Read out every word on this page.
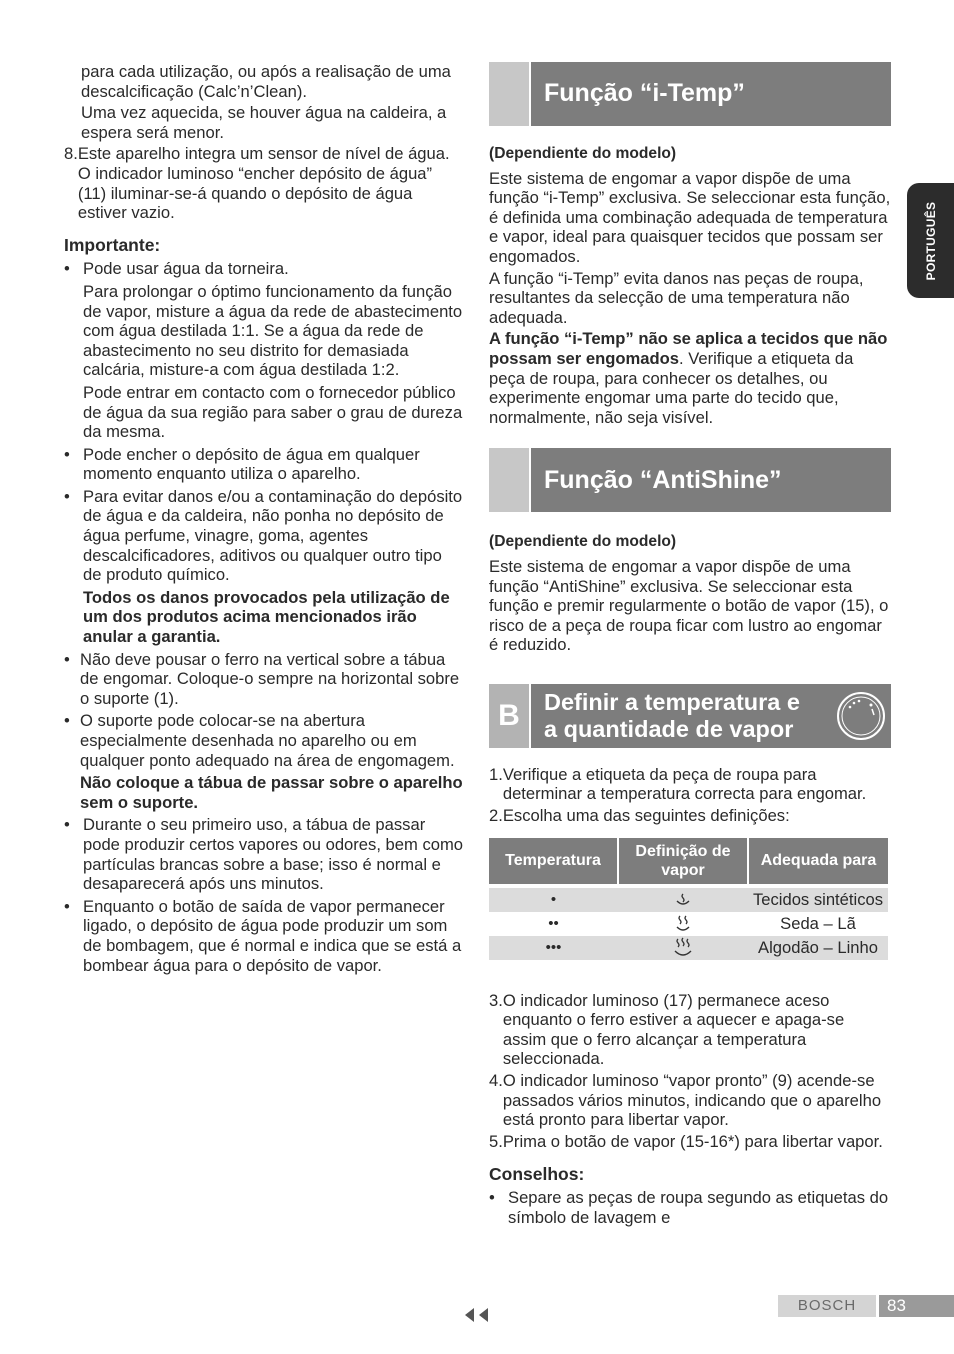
para cada utilização, ou após a realisação de uma descalcificação (Calc’n’Clean).

Uma vez aquecida, se houver água na caldeira, a espera será menor.

8. Este aparelho integra um sensor de nível de água. O indicador luminoso “encher depósito de água” (11) iluminar-se-á quando o depósito de água estiver vazio.
Importante:
• Pode usar água da torneira.

Para prolongar o óptimo funcionamento da função de vapor, misture a água da rede de abastecimento com água destilada 1:1. Se a água da rede de abastecimento no seu distrito for demasiada calcária, misture-a com água destilada 1:2.

Pode entrar em contacto com o fornecedor público de água da sua região para saber o grau de dureza da mesma.

• Pode encher o depósito de água em qualquer momento enquanto utiliza o aparelho.

• Para evitar danos e/ou a contaminação do depósito de água e da caldeira, não ponha no depósito de água perfume, vinagre, goma, agentes descalcificadores, aditivos ou qualquer outro tipo de produto químico.

Todos os danos provocados pela utilização de um dos produtos acima mencionados irão anular a garantia.

• Não deve pousar o ferro na vertical sobre a tábua de engomar. Coloque-o sempre na horizontal sobre o suporte (1).

• O suporte pode colocar-se na abertura especialmente desenhada no aparelho ou em qualquer ponto adequado na área de engomagem.

Não coloque a tábua de passar sobre o aparelho sem o suporte.

• Durante o seu primeiro uso, a tábua de passar pode produzir certos vapores ou odores, bem como partículas brancas sobre a base; isso é normal e desaparecerá após uns minutos.

• Enquanto o botão de saída de vapor permanecer ligado, o depósito de água pode produzir um som de bombagem, que é normal e indica que se está a bombear água para o depósito de vapor.

Função “i-Temp”
(Dependiente do modelo)

Este sistema de engomar a vapor dispõe de uma função “i-Temp” exclusiva. Se seleccionar esta função, é definida uma combinação adequada de temperatura e vapor, ideal para quaisquer tecidos que possam ser engomados.

A função “i-Temp” evita danos nas peças de roupa, resultantes da selecção de uma temperatura não adequada.

A função “i-Temp” não se aplica a tecidos que não possam ser engomados. Verifique a etiqueta da peça de roupa, para conhecer os detalhes, ou experimente engomar uma parte do tecido que, normalmente, não seja visível.

Função “AntiShine”
(Dependiente do modelo)

Este sistema de engomar a vapor dispõe de uma função “AntiShine” exclusiva. Se seleccionar esta função e premir regularmente o botão de vapor (15), o risco de a peça de roupa ficar com lustro ao engomar é reduzido.

B	Definir a temperatura e
a quantidade de vapor
1. Verifique a etiqueta da peça de roupa para determinar a temperatura correcta para engomar.
2. Escolha uma das seguintes definições:
Temperatura	Definição de vapor	Adequada para

•		Tecidos sintéticos
••		Seda – Lã
•••		Algodão – Linho
3. O indicador luminoso (17) permanece aceso enquanto o ferro estiver a aquecer e apaga-se assim que o ferro alcançar a temperatura seleccionada.
4. O indicador luminoso “vapor pronto” (9) acende-se passados vários minutos, indicando que o aparelho está pronto para libertar vapor.
5. Prima o botão de vapor (15-16*) para libertar vapor.
Conselhos:
• Separe as peças de roupa segundo as etiquetas do símbolo de lavagem e

PORTUGUÊS
BOSCH	83
